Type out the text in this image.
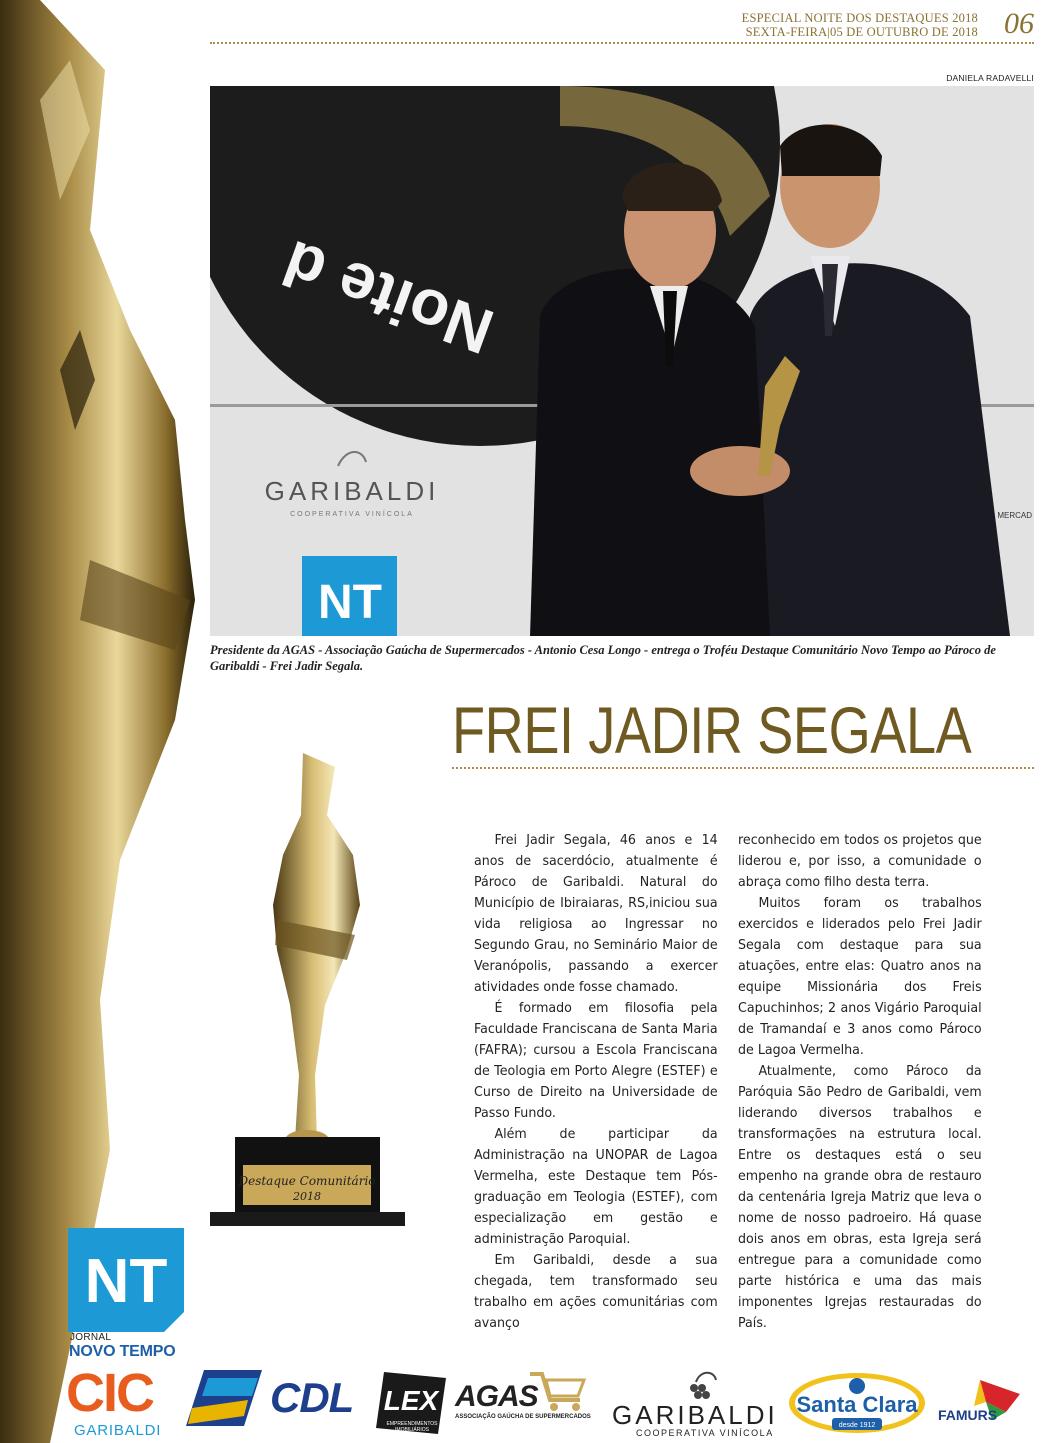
ESPECIAL NOITE DOS DESTAQUES 2018
SEXTA-FEIRA|05 DE OUTUBRO DE 2018 06
DANIELA RADAVELLI
GARIBALDI
COOPERATIVA VINÍCOLA
NT
MERCAD
Noite d
Presidente da AGAS - Associação Gaúcha de Supermercados - Antonio Cesa Longo - entrega o Troféu Destaque Comunitário Novo Tempo ao Pároco de Garibaldi - Frei Jadir Segala.
FREI JADIR SEGALA
Destaque Comunitário
2018

Frei Jadir Segala, 46 anos e 14 anos de sacerdócio, atualmente é Pároco de Garibaldi. Natural do Município de Ibiraiaras, RS,iniciou sua vida religiosa ao Ingressar no Segundo Grau, no Seminário Maior de Veranópolis, passando a exercer atividades onde fosse chamado.

É formado em filosofia pela Faculdade Franciscana de Santa Maria (FAFRA); cursou a Escola Franciscana de Teologia em Porto Alegre (ESTEF) e Curso de Direito na Universidade de Passo Fundo.

Além de participar da Administração na UNOPAR de Lagoa Vermelha, este Destaque tem Pós-graduação em Teologia (ESTEF), com especialização em gestão e administração Paroquial.

Em Garibaldi, desde a sua chegada, tem transformado seu trabalho em ações comunitárias com avanço

reconhecido em todos os projetos que liderou e, por isso, a comunidade o abraça como filho desta terra.

Muitos foram os trabalhos exercidos e liderados pelo Frei Jadir Segala com destaque para sua atuações, entre elas: Quatro anos na equipe Missionária dos Freis Capuchinhos; 2 anos Vigário Paroquial de Tramandaí e 3 anos como Pároco de Lagoa Vermelha.

Atualmente, como Pároco da Paróquia São Pedro de Garibaldi, vem liderando diversos trabalhos e transformações na estrutura local. Entre os destaques está o seu empenho na grande obra de restauro da centenária Igreja Matriz que leva o nome de nosso padroeiro. Há quase dois anos em obras, esta Igreja será entregue para a comunidade como parte histórica e uma das mais imponentes Igrejas restauradas do País.

NT
JORNAL
NOVO TEMPO
CIC
GARIBALDI
CDL LEX
EMPREENDIMENTOS IMOBILIÁRIOS
AGAS
ASSOCIAÇÃO GAÚCHA DE SUPERMERCADOS GARIBALDI
COOPERATIVA VINÍCOLA
Santa Clara
desde 1912
FAMURS
